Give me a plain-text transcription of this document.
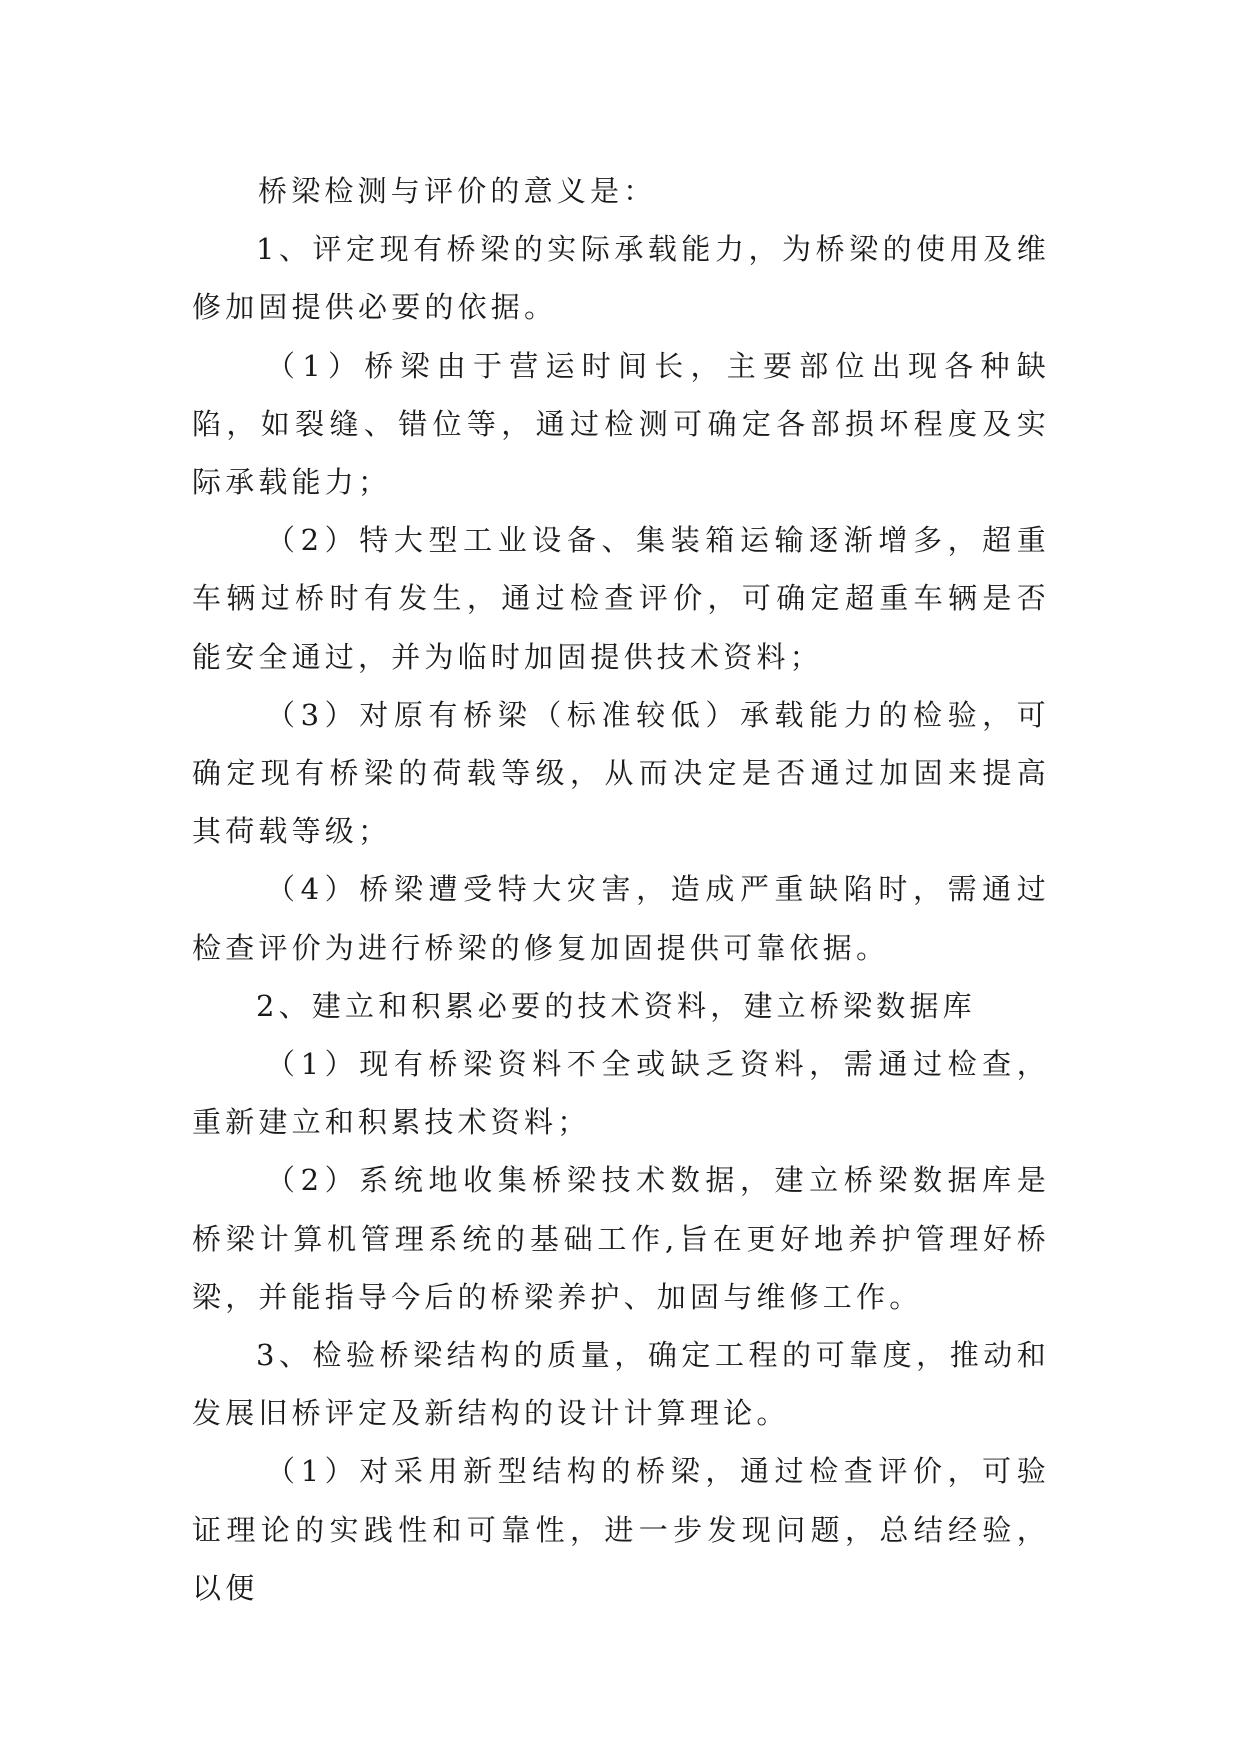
桥梁检测与评价的意义是：

1、评定现有桥梁的实际承载能力，为桥梁的使用及维修加固提供必要的依据。

（1）桥梁由于营运时间长，主要部位出现各种缺陷，如裂缝、错位等，通过检测可确定各部损坏程度及实际承载能力；

（2）特大型工业设备、集装箱运输逐渐增多，超重车辆过桥时有发生，通过检查评价，可确定超重车辆是否能安全通过，并为临时加固提供技术资料；

（3）对原有桥梁（标准较低）承载能力的检验，可确定现有桥梁的荷载等级，从而决定是否通过加固来提高其荷载等级；

（4）桥梁遭受特大灾害，造成严重缺陷时，需通过检查评价为进行桥梁的修复加固提供可靠依据。

2、建立和积累必要的技术资料，建立桥梁数据库

（1）现有桥梁资料不全或缺乏资料，需通过检查，重新建立和积累技术资料；

（2）系统地收集桥梁技术数据，建立桥梁数据库是桥梁计算机管理系统的基础工作,旨在更好地养护管理好桥梁，并能指导今后的桥梁养护、加固与维修工作。

3、检验桥梁结构的质量，确定工程的可靠度，推动和发展旧桥评定及新结构的设计计算理论。

（1）对采用新型结构的桥梁，通过检查评价，可验证理论的实践性和可靠性，进一步发现问题，总结经验，以便
